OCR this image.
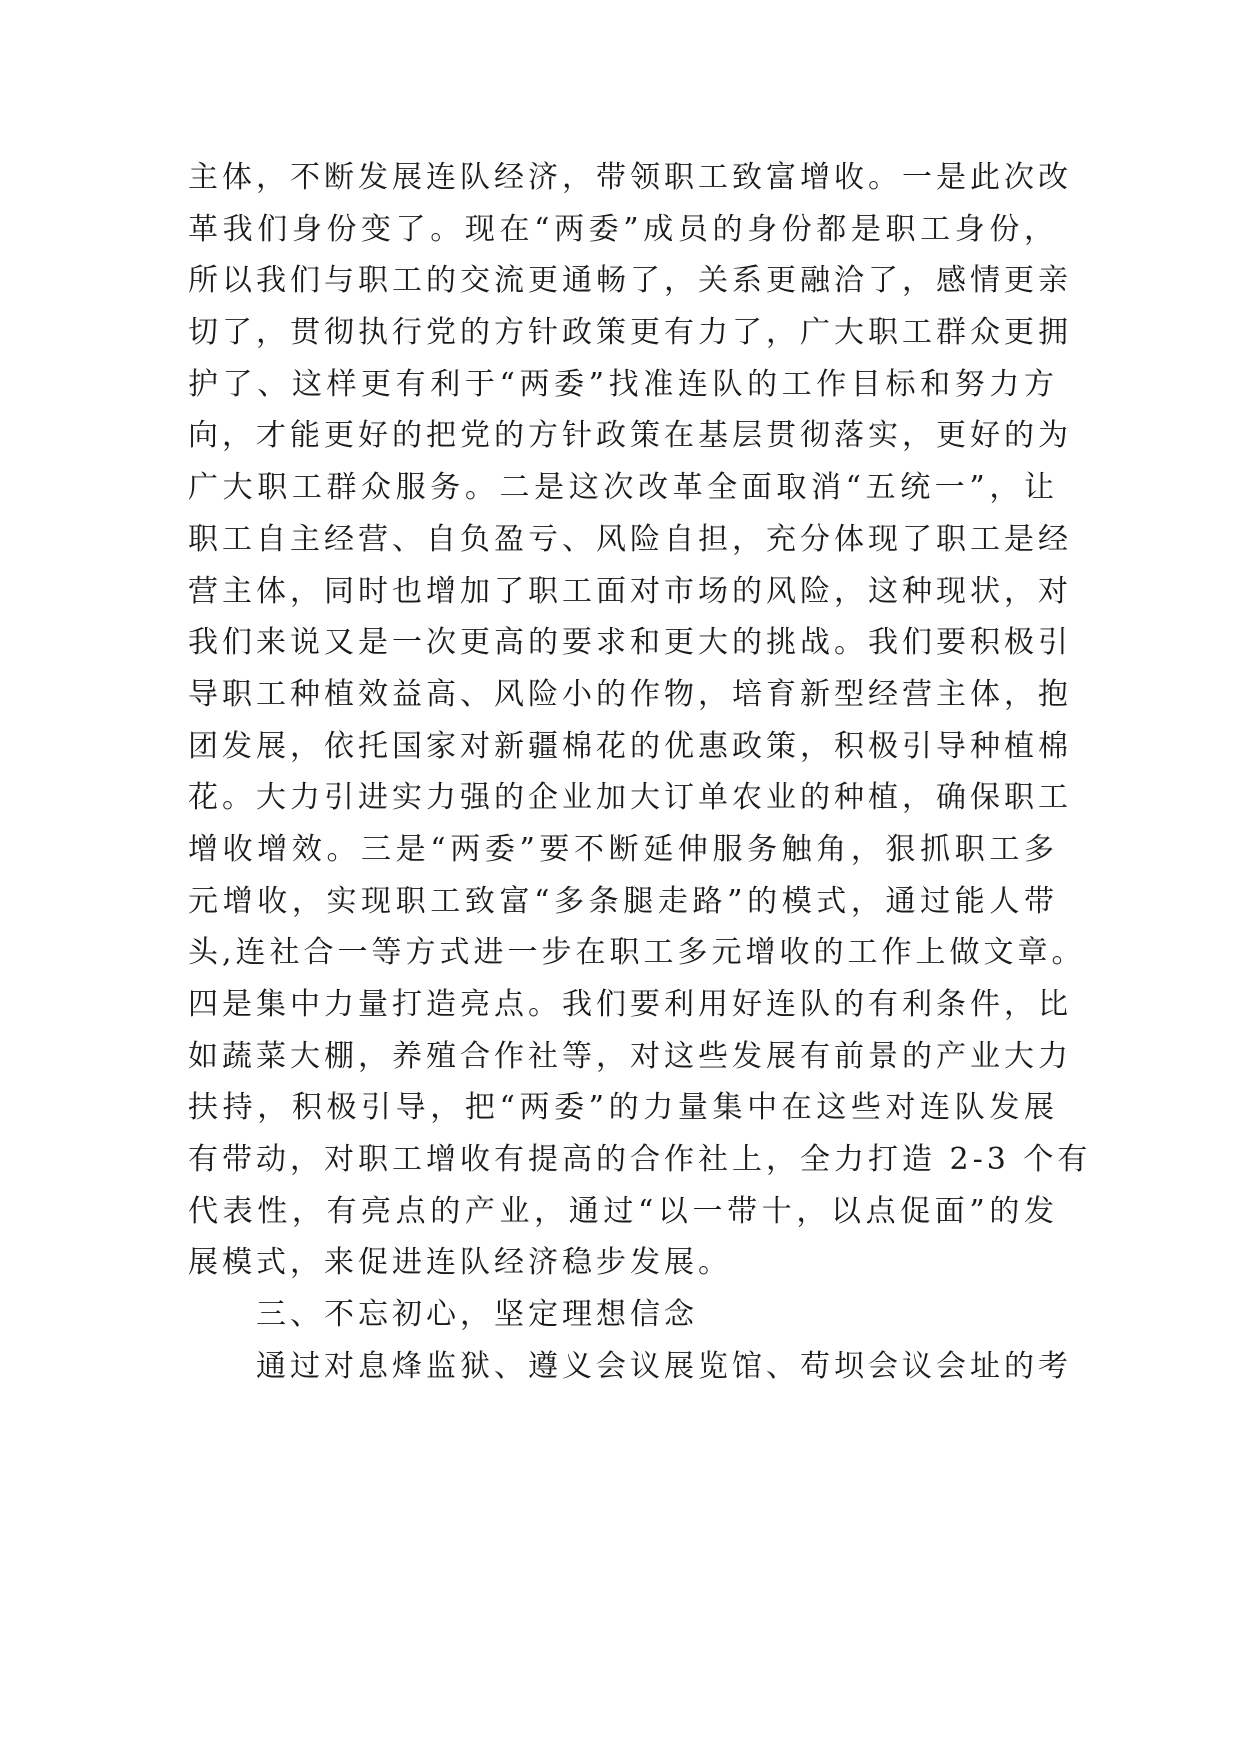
主体，不断发展连队经济，带领职工致富增收。一是此次改
革我们身份变了。现在“两委”成员的身份都是职工身份，
所以我们与职工的交流更通畅了，关系更融洽了，感情更亲
切了，贯彻执行党的方针政策更有力了，广大职工群众更拥
护了、这样更有利于“两委”找准连队的工作目标和努力方
向，才能更好的把党的方针政策在基层贯彻落实，更好的为
广大职工群众服务。二是这次改革全面取消“五统一”，让
职工自主经营、自负盈亏、风险自担，充分体现了职工是经
营主体，同时也增加了职工面对市场的风险，这种现状，对
我们来说又是一次更高的要求和更大的挑战。我们要积极引
导职工种植效益高、风险小的作物，培育新型经营主体，抱
团发展，依托国家对新疆棉花的优惠政策，积极引导种植棉
花。大力引进实力强的企业加大订单农业的种植，确保职工
增收增效。三是“两委”要不断延伸服务触角，狠抓职工多
元增收，实现职工致富“多条腿走路”的模式，通过能人带
头,连社合一等方式进一步在职工多元增收的工作上做文章。
四是集中力量打造亮点。我们要利用好连队的有利条件，比
如蔬菜大棚，养殖合作社等，对这些发展有前景的产业大力
扶持，积极引导，把“两委”的力量集中在这些对连队发展
有带动，对职工增收有提高的合作社上，全力打造 2-3 个有
代表性，有亮点的产业，通过“以一带十，以点促面”的发
展模式，来促进连队经济稳步发展。
三、不忘初心，坚定理想信念
通过对息烽监狱、遵义会议展览馆、苟坝会议会址的考
